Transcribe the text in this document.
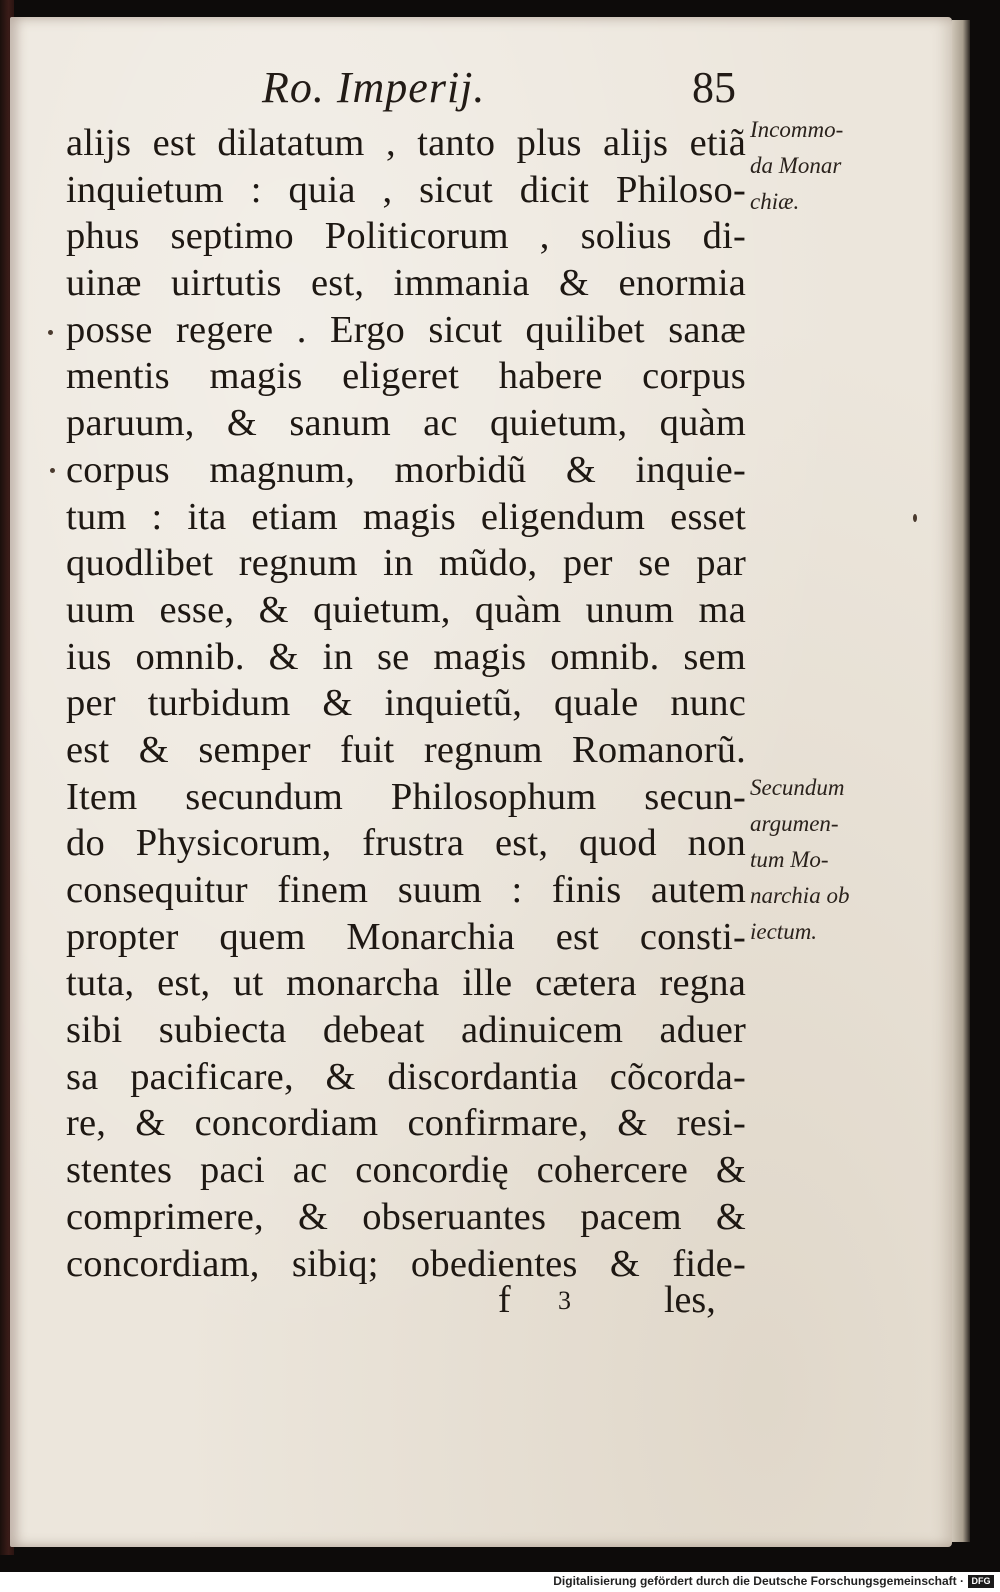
Ro. Imperij.	85
alijs est dilatatum , tanto plus alijs etiã
inquietum : quia , sicut dicit Philoso-
phus septimo Politicorum , solius di-
uinæ uirtutis est, immania & enormia
posse regere . Ergo sicut quilibet sanæ
mentis magis eligeret habere corpus
paruum, & sanum ac quietum, quàm
corpus magnum, morbidũ & inquie-
tum : ita etiam magis eligendum esset
quodlibet regnum in mũdo, per se par
uum esse, & quietum, quàm unum ma
ius omnib. & in se magis omnib. sem
per turbidum & inquietũ, quale nunc
est & semper fuit regnum Romanorũ.
Item secundum Philosophum secun-
do Physicorum, frustra est, quod non
consequitur finem suum : finis autem
propter quem Monarchia est consti-
tuta, est, ut monarcha ille cætera regna
sibi subiecta debeat adinuicem aduer
sa pacificare, & discordantia cõcorda-
re, & concordiam confirmare, & resi-
stentes paci ac concordię cohercere &
comprimere, & obseruantes pacem &
concordiam, sibiq; obedientes & fide-
f 3 les,
Incommo-
da Monar
chiæ.
Secundum
argumen-
tum Mo-
narchia ob
iectum.
Digitalisierung gefördert durch die Deutsche Forschungsgemeinschaft · DFG
